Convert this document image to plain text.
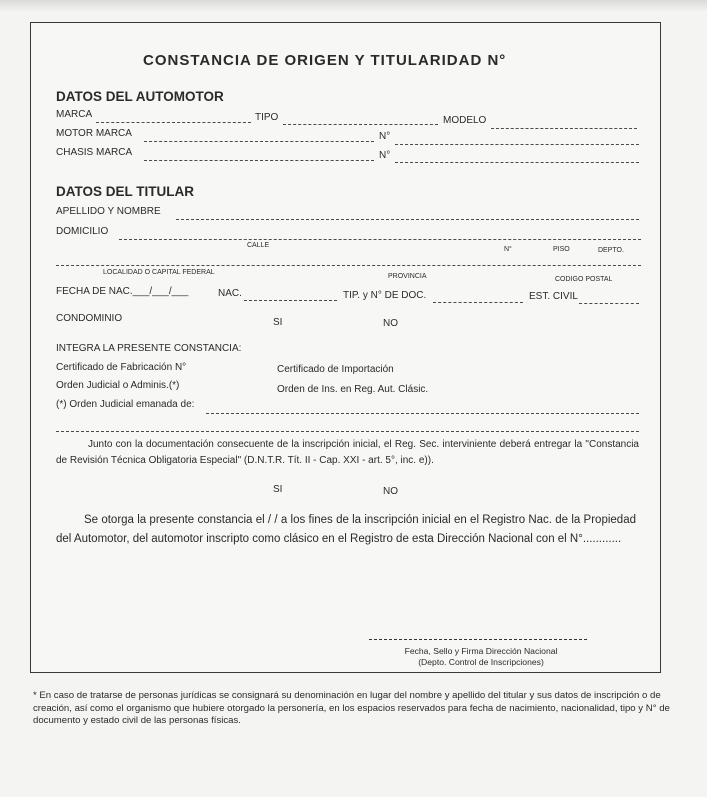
CONSTANCIA DE ORIGEN Y TITULARIDAD N°
DATOS DEL AUTOMOTOR
MARCA	TIPO	MODELO
MOTOR MARCA	N°
CHASIS MARCA	N°
DATOS DEL TITULAR
APELLIDO Y NOMBRE
DOMICILIO
CALLE
N°	PISO	DEPTO.
LOCALIDAD O CAPITAL FEDERAL
PROVINCIA	CODIGO POSTAL
FECHA DE NAC.___/___/___	NAC.	TIP. y N° DE DOC.	EST. CIVIL
CONDOMINIO	SI	NO
INTEGRA LA PRESENTE CONSTANCIA:
Certificado de Fabricación N°	Certificado de Importación
Orden Judicial o Adminis.(*)	Orden de Ins. en Reg. Aut. Clásic.
(*) Orden Judicial emanada de:
Junto con la documentación consecuente de la inscripción inicial, el Reg. Sec. interviniente deberá entregar la "Constancia de Revisión Técnica Obligatoria Especial" (D.N.T.R. Tít. II - Cap. XXI - art. 5°, inc. e)).
SI	NO
Se otorga la presente constancia el / / a los fines de la inscripción inicial en el Registro Nac. de la Propiedad del Automotor, del automotor inscripto como clásico en el Registro de esta Dirección Nacional con el N°............
Fecha, Sello y Firma Dirección Nacional
(Depto. Control de Inscripciones)
* En caso de tratarse de personas jurídicas se consignará su denominación en lugar del nombre y apellido del titular y sus datos de inscripción o de creación, así como el organismo que hubiere otorgado la personería, en los espacios reservados para fecha de nacimiento, nacionalidad, tipo y N° de documento y estado civil de las personas físicas.
